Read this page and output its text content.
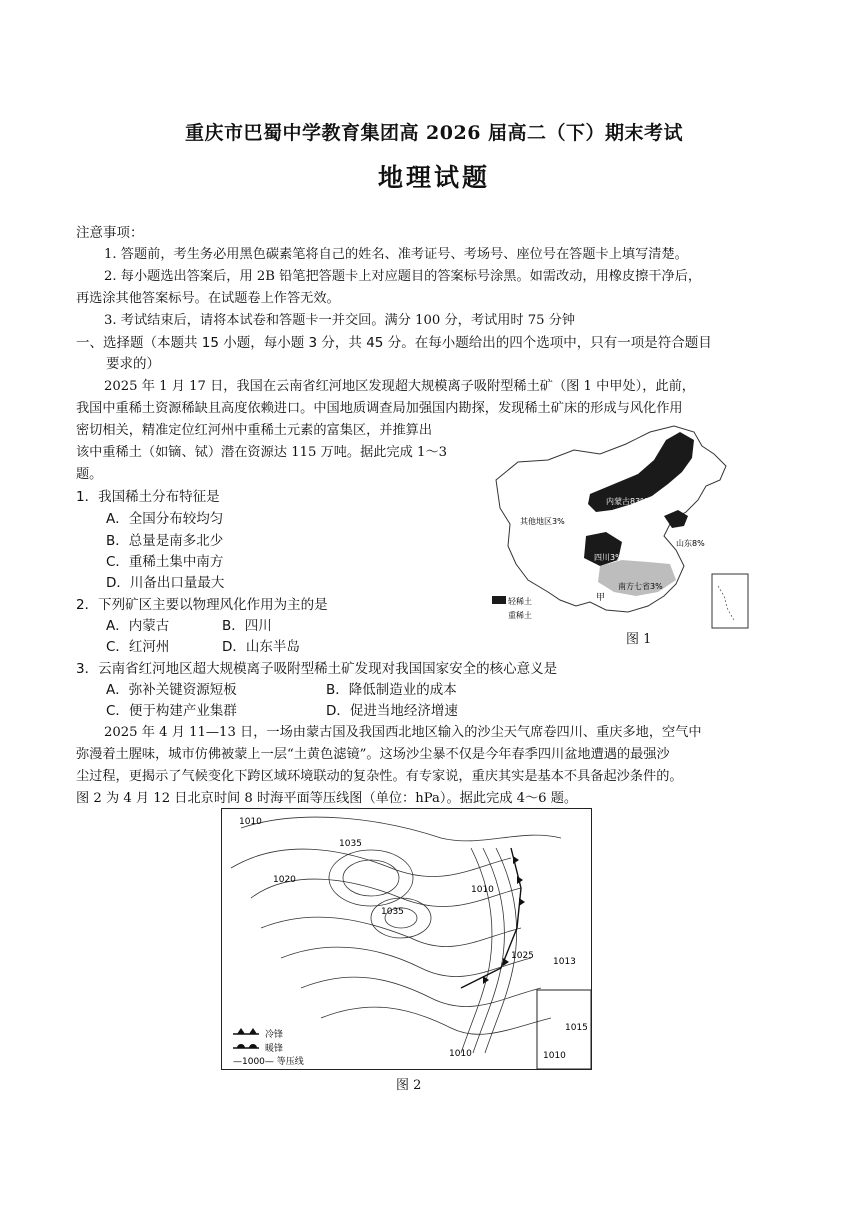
重庆市巴蜀中学教育集团高 2026 届高二（下）期末考试
地理试题
注意事项：
1. 答题前，考生务必用黑色碳素笔将自己的姓名、准考证号、考场号、座位号在答题卡上填写清楚。
2. 每小题选出答案后，用 2B 铅笔把答题卡上对应题目的答案标号涂黑。如需改动，用橡皮擦干净后，
再选涂其他答案标号。在试题卷上作答无效。
3. 考试结束后，请将本试卷和答题卡一并交回。满分 100 分，考试用时 75 分钟
一、选择题（本题共 15 小题，每小题 3 分，共 45 分。在每小题给出的四个选项中，只有一项是符合题目
要求的）
2025 年 1 月 17 日，我国在云南省红河地区发现超大规模离子吸附型稀土矿（图 1 中甲处），此前，
我国中重稀土资源稀缺且高度依赖进口。中国地质调查局加强国内勘探，发现稀土矿床的形成与风化作用
密切相关，精准定位红河州中重稀土元素的富集区，并推算出
该中重稀土（如镝、铽）潜在资源达 115 万吨。据此完成 1～3
题。
1．我国稀土分布特征是
A．全国分布较均匀
B．总量是南多北少
C．重稀土集中南方
D．川备出口量最大
2．下列矿区主要以物理风化作用为主的是
A．内蒙古	B．四川
C．红河州	D．山东半岛
3．云南省红河地区超大规模离子吸附型稀土矿发现对我国国家安全的核心意义是
A．弥补关键资源短板	B．降低制造业的成本
C．便于构建产业集群	D．促进当地经济增速
2025 年 4 月 11—13 日，一场由蒙古国及我国西北地区输入的沙尘天气席卷四川、重庆多地，空气中
弥漫着土腥味，城市仿佛被蒙上一层“土黄色滤镜”。这场沙尘暴不仅是今年春季四川盆地遭遇的最强沙
尘过程，更揭示了气候变化下跨区域环境联动的复杂性。有专家说，重庆其实是基本不具备起沙条件的。
图 2 为 4 月 12 日北京时间 8 时海平面等压线图（单位：hPa）。据此完成 4～6 题。
轻稀土
重稀土
内蒙古83%
其他地区3%
山东8%
四川3%
南方七省3%
甲
图 1
1010
1035
1020
1035
1010
1013
1025
1010
1015
1010
冷锋
暖锋
—1000— 等压线
图 2
